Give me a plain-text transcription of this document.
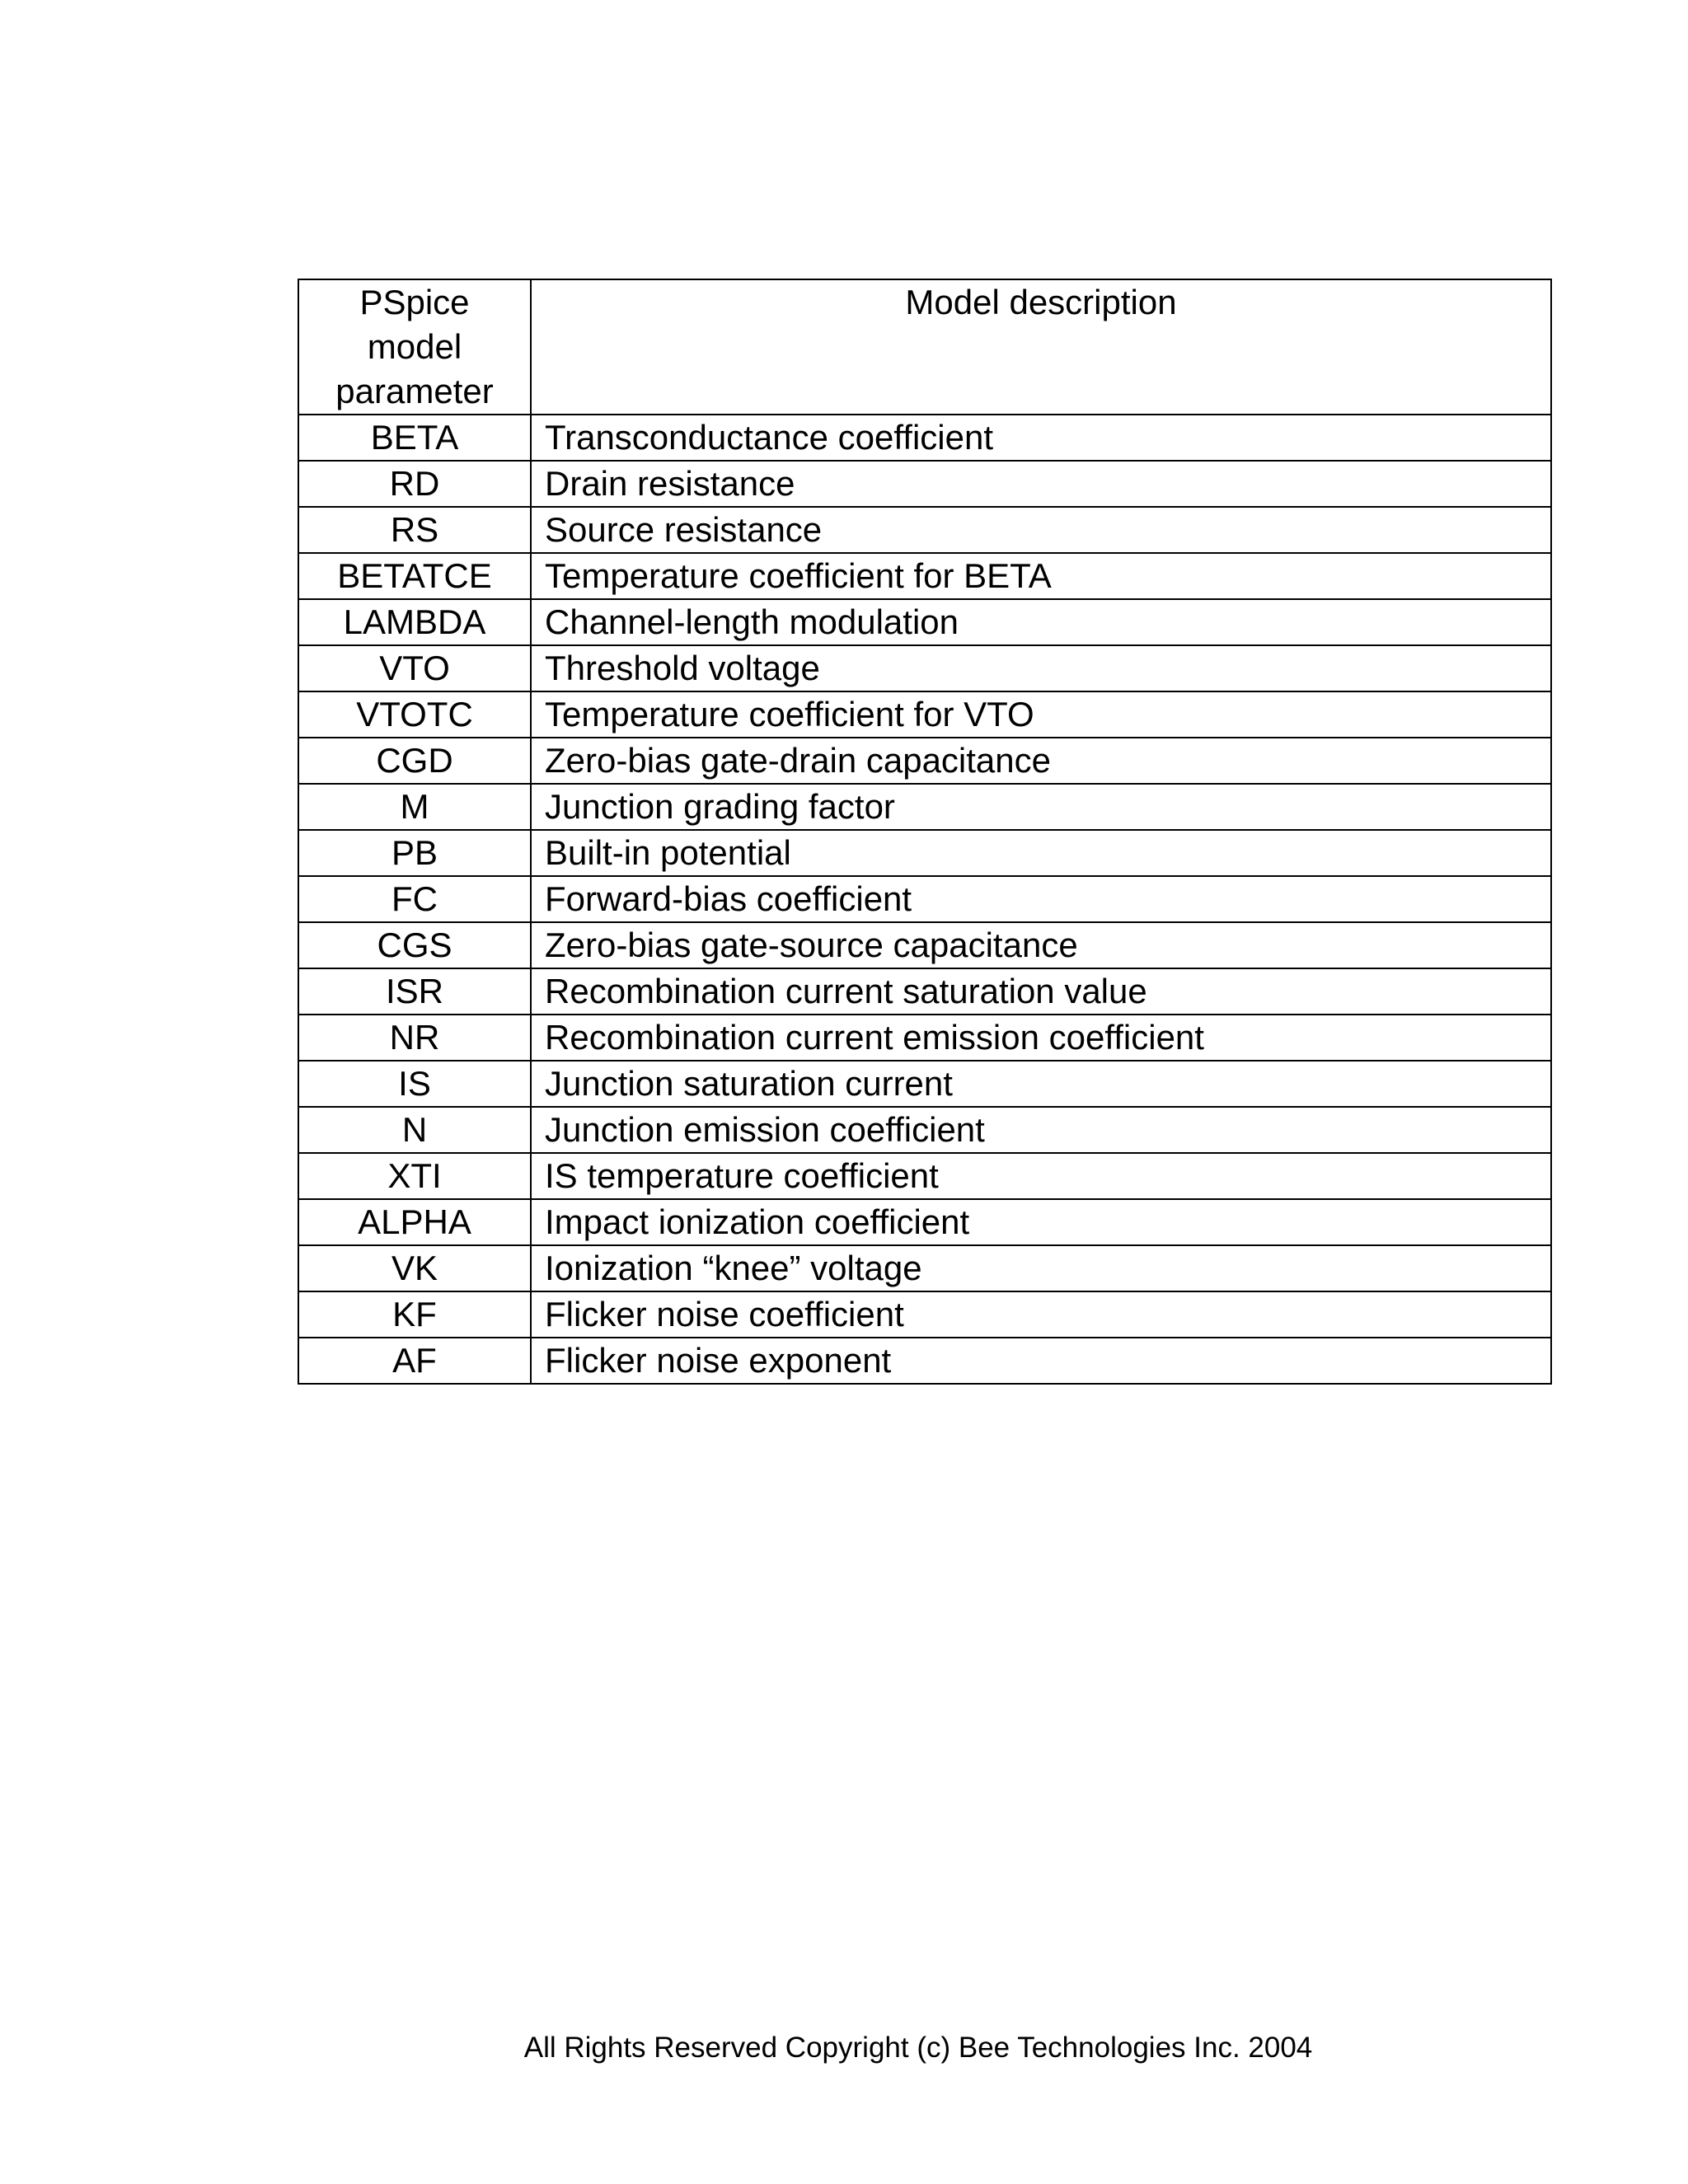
PSpice
model
parameter	Model description
BETA	Transconductance coefficient
RD	Drain resistance
RS	Source resistance
BETATCE	Temperature coefficient for BETA
LAMBDA	Channel-length modulation
VTO	Threshold voltage
VTOTC	Temperature coefficient for VTO
CGD	Zero-bias gate-drain capacitance
M	Junction grading factor
PB	Built-in potential
FC	Forward-bias coefficient
CGS	Zero-bias gate-source capacitance
ISR	Recombination current saturation value
NR	Recombination current emission coefficient
IS	Junction saturation current
N	Junction emission coefficient
XTI	IS temperature coefficient
ALPHA	Impact ionization coefficient
VK	Ionization “knee” voltage
KF	Flicker noise coefficient
AF	Flicker noise exponent
All Rights Reserved Copyright (c) Bee Technologies Inc. 2004
